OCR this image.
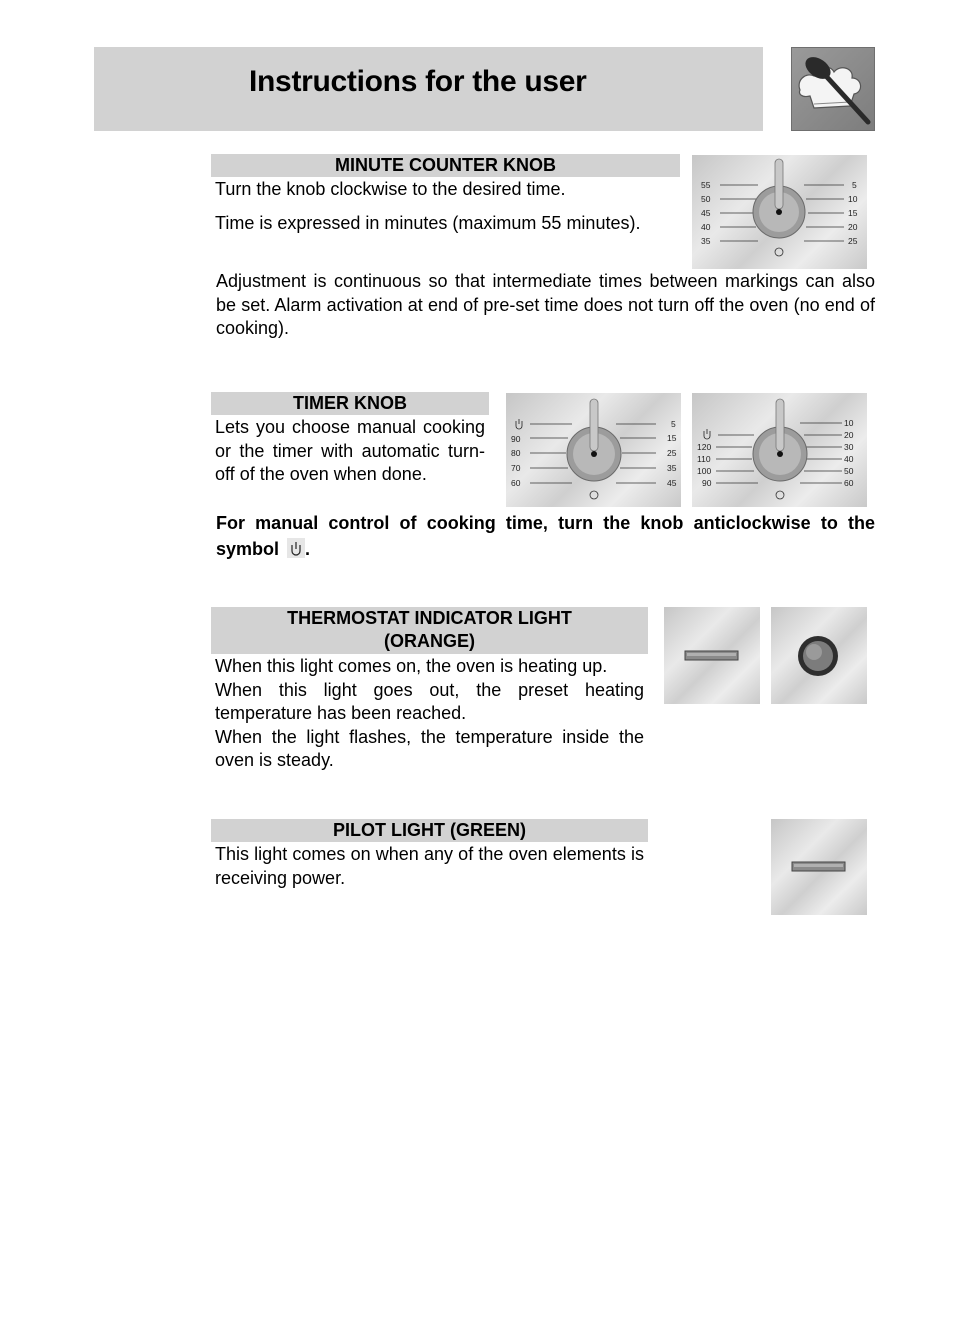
Instructions for the user
MINUTE COUNTER KNOB

Turn the knob clockwise to the desired time.

Time is expressed in minutes (maximum 55 minutes).

55
50
45
40
35
5
10
15
20
25
Adjustment is continuous so that intermediate times between markings can also be set. Alarm activation at end of pre-set time does not turn off the oven (no end of cooking).
TIMER KNOB
Lets you choose manual cooking or the timer with automatic turn-off of the oven when done.
90
80
70
60
5
15
25
35
45
120
110
100
90
10
20
30
40
50
60
For manual control of cooking time, turn the knob anticlockwise to the symbol .
THERMOSTAT INDICATOR LIGHT (ORANGE)

When this light comes on, the oven is heating up.

When this light goes out, the preset heating temperature has been reached.

When the light flashes, the temperature inside the oven is steady.

PILOT LIGHT (GREEN)
This light comes on when any of the oven elements is receiving power.
